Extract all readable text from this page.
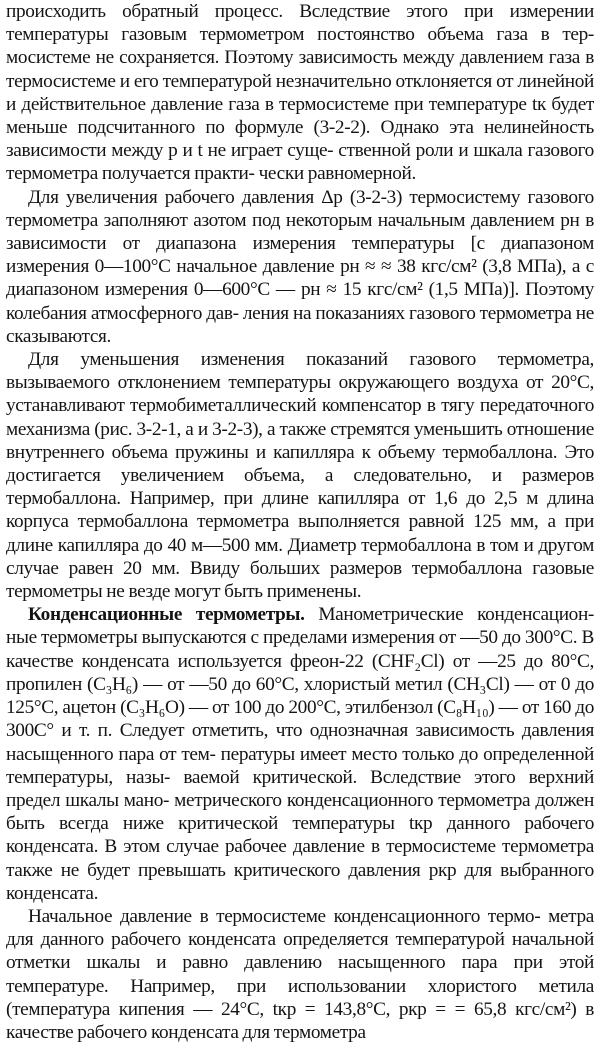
происходить обратный процесс. Вследствие этого при измерении температуры газовым термометром постоянство объема газа в тер- мосистеме не сохраняется. Поэтому зависимость между давлением газа в термосистеме и его температурой незначительно отклоняется от линейной и действительное давление газа в термосистеме при температуре tк будет меньше подсчитанного по формуле (3-2-2). Однако эта нелинейность зависимости между p и t не играет суще- ственной роли и шкала газового термометра получается практи- чески равномерной.
Для увеличения рабочего давления Δp (3-2-3) термосистему газового термометра заполняют азотом под некоторым начальным давлением pн в зависимости от диапазона измерения температуры [с диапазоном измерения 0—100°С начальное давление pн ≈ ≈ 38 кгс/см² (3,8 МПа), а с диапазоном измерения 0—600°С — pн ≈ 15 кгс/см² (1,5 МПа)]. Поэтому колебания атмосферного дав- ления на показаниях газового термометра не сказываются.
Для уменьшения изменения показаний газового термометра, вызываемого отклонением температуры окружающего воздуха от 20°С, устанавливают термобиметаллический компенсатор в тягу передаточного механизма (рис. 3-2-1, а и 3-2-3), а также стремятся уменьшить отношение внутреннего объема пружины и капилляра к объему термобаллона. Это достигается увеличением объема, а следовательно, и размеров термобаллона. Например, при длине капилляра от 1,6 до 2,5 м длина корпуса термобаллона термометра выполняется равной 125 мм, а при длине капилляра до 40 м—500 мм. Диаметр термобаллона в том и другом случае равен 20 мм. Ввиду больших размеров термобаллона газовые термометры не везде могут быть применены.
Конденсационные термометры. Манометрические конденсацион- ные термометры выпускаются с пределами измерения от —50 до 300°С. В качестве конденсата используется фреон-22 (CHF₂Cl) от —25 до 80°С, пропилен (C₃H₆) — от —50 до 60°С, хлористый метил (CH₃Cl) — от 0 до 125°С, ацетон (C₃H₆O) — от 100 до 200°С, этилбензол (C₈H₁₀) — от 160 до 300С° и т. п. Следует отметить, что однозначная зависимость давления насыщенного пара от тем- пературы имеет место только до определенной температуры, назы- ваемой критической. Вследствие этого верхний предел шкалы мано- метрического конденсационного термометра должен быть всегда ниже критической температуры tкр данного рабочего конденсата. В этом случае рабочее давление в термосистеме термометра также не будет превышать критического давления pкр для выбранного конденсата.
Начальное давление в термосистеме конденсационного термо- метра для данного рабочего конденсата определяется температурой начальной отметки шкалы и равно давлению насыщенного пара при этой температуре. Например, при использовании хлористого метила (температура кипения — 24°С, tкр = 143,8°С, pкр = = 65,8 кгс/см²) в качестве рабочего конденсата для термометра
